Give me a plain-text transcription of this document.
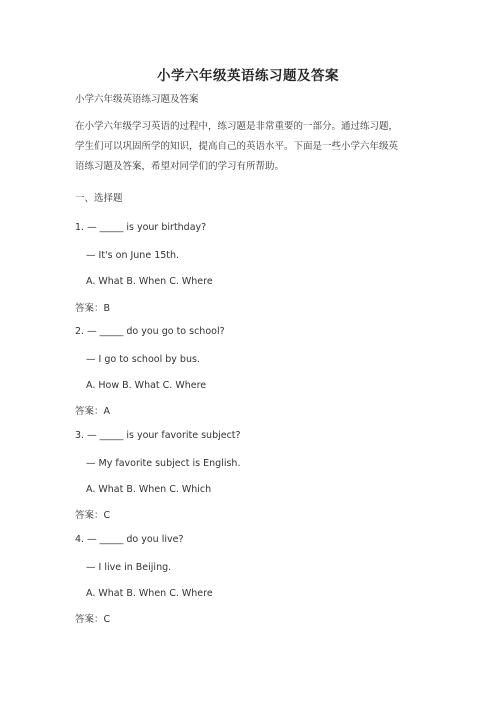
小学六年级英语练习题及答案
小学六年级英语练习题及答案
在小学六年级学习英语的过程中，练习题是非常重要的一部分。通过练习题，
学生们可以巩固所学的知识，提高自己的英语水平。下面是一些小学六年级英
语练习题及答案，希望对同学们的学习有所帮助。
一、选择题
1. — _____ is your birthday?
— It's on June 15th.
A. What B. When C. Where
答案：B
2. — _____ do you go to school?
— I go to school by bus.
A. How B. What C. Where
答案：A
3. — _____ is your favorite subject?
— My favorite subject is English.
A. What B. When C. Which
答案：C
4. — _____ do you live?
— I live in Beijing.
A. What B. When C. Where
答案：C
